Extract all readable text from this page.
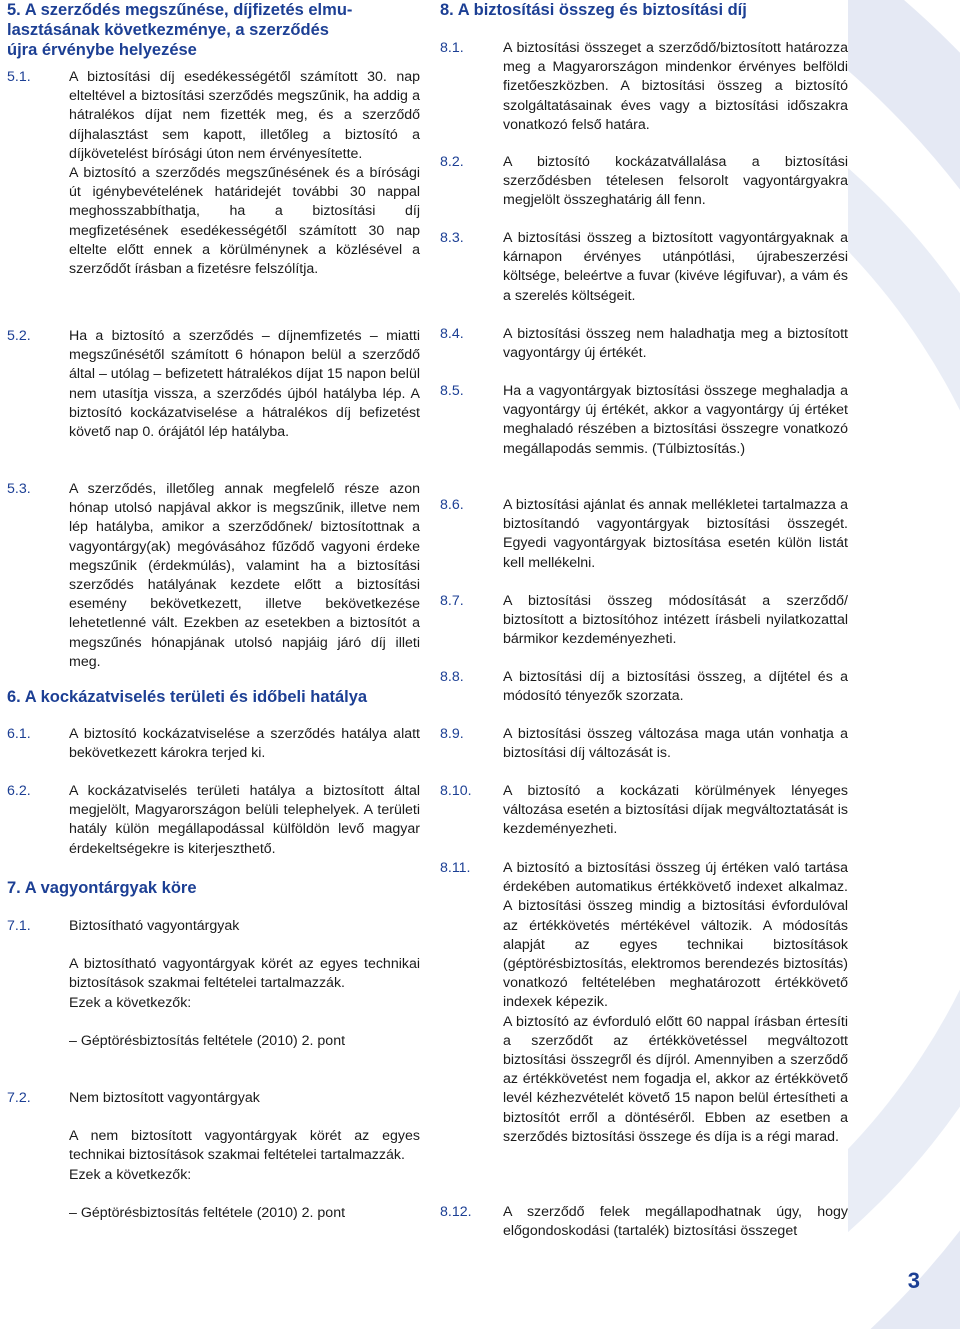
5. A szerződés megszűnése, díjfizetés elmu-
lasztásának következménye, a szerződés
újra érvénybe helyezése
5.1.	A biztosítási díj esedékességétől számított 30. nap elteltével a biztosítási szerződés megszűnik, ha addig a hátralékos díjat nem fizették meg, és a szerződő díjhalasztást sem kapott, illetőleg a biztosító a díjkövetelést bírósági úton nem érvényesítette.

A biztosító a szerződés megszűnésének és a bírósági út igénybevételének határidejét további 30 nappal meghosszabbíthatja, ha a biztosítási díj megfizetésének esedékességétől számított 30 nap eltelte előtt ennek a körülménynek a közlésével a szerződőt írásban a fizetésre felszólítja.

5.2.	Ha a biztosító a szerződés – díjnemfizetés – miatti megszűnésétől számított 6 hónapon belül a szerződő által – utólag – befizetett hátralékos díjat 15 napon belül nem utasítja vissza, a szerződés újból hatályba lép. A biztosító kockázatviselése a hátralékos díj befizetést követő nap 0. órájától lép hatályba.

5.3.	A szerződés, illetőleg annak megfelelő része azon hónap utolsó napjával akkor is megszűnik, illetve nem lép hatályba, amikor a szerződőnek/ biztosítottnak a vagyontárgy(ak) megóvásához fűződő vagyoni érdeke megszűnik (érdekmúlás), valamint ha a biztosítási szerződés hatályának kezdete előtt a biztosítási esemény bekövetkezett, illetve bekövetkezése lehetetlenné vált. Ezekben az esetekben a biztosítót a megszűnés hónapjának utolsó napjáig járó díj illeti meg.

6. A kockázatviselés területi és időbeli hatálya
6.1.	A biztosító kockázatviselése a szerződés hatálya alatt bekövetkezett károkra terjed ki.

6.2.	A kockázatviselés területi hatálya a biztosított által megjelölt, Magyarországon belüli telephelyek. A területi hatály külön megállapodással külföldön levő magyar érdekeltségekre is kiterjeszthető.

7. A vagyontárgyak köre
7.1.	Biztosítható vagyontárgyak

A biztosítható vagyontárgyak körét az egyes technikai biztosítások szakmai feltételei tartalmazzák.

Ezek a következők:

– Géptörésbiztosítás feltétele (2010) 2. pont

7.2.	Nem biztosított vagyontárgyak

A nem biztosított vagyontárgyak körét az egyes technikai biztosítások szakmai feltételei tartalmazzák.

Ezek a következők:

– Géptörésbiztosítás feltétele (2010) 2. pont

8. A biztosítási összeg és biztosítási díj
8.1.	A biztosítási összeget a szerződő/biztosított határozza meg a Magyarországon mindenkor érvényes belföldi fizetőeszközben. A biztosítási összeg a biztosító szolgáltatásainak éves vagy a biztosítási időszakra vonatkozó felső határa.

8.2.	A biztosító kockázatvállalása a biztosítási szerződésben tételesen felsorolt vagyontárgyakra megjelölt összeghatárig áll fenn.

8.3.	A biztosítási összeg a biztosított vagyontárgyaknak a kárnapon érvényes utánpótlási, újrabeszerzési költsége, beleértve a fuvar (kivéve légifuvar), a vám és a szerelés költségeit.

8.4.	A biztosítási összeg nem haladhatja meg a biztosított vagyontárgy új értékét.

8.5.	Ha a vagyontárgyak biztosítási összege meghaladja a vagyontárgy új értékét, akkor a vagyontárgy új értéket meghaladó részében a biztosítási összegre vonatkozó megállapodás semmis. (Túlbiztosítás.)

8.6.	A biztosítási ajánlat és annak mellékletei tartalmazza a biztosítandó vagyontárgyak biztosítási összegét. Egyedi vagyontárgyak biztosítása esetén külön listát kell mellékelni.

8.7.	A biztosítási összeg módosítását a szerződő/ biztosított a biztosítóhoz intézett írásbeli nyilatkozattal bármikor kezdeményezheti.

8.8.	A biztosítási díj a biztosítási összeg, a díjtétel és a módosító tényezők szorzata.

8.9.	A biztosítási összeg változása maga után vonhatja a biztosítási díj változását is.

8.10. A biztosító a kockázati körülmények lényeges változása esetén a biztosítási díjak megváltoztatását is kezdeményezheti.

8.11. A biztosító a biztosítási összeg új értéken való tartása érdekében automatikus értékkövető indexet alkalmaz. A biztosítási összeg mindig a biztosítási évfordulóval az értékkövetés mértékével változik. A módosítás alapját az egyes technikai biztosítások (géptörésbiztosítás, elektromos berendezés biztosítás) vonatkozó feltételében meghatározott értékkövető indexek képezik.

A biztosító az évforduló előtt 60 nappal írásban értesíti a szerződőt az értékkövetéssel megváltozott biztosítási összegről és díjról. Amennyiben a szerződő az értékkövetést nem fogadja el, akkor az értékkövető levél kézhezvételét követő 15 napon belül értesítheti a biztosítót erről a döntéséről. Ebben az esetben a szerződés biztosítási összege és díja is a régi marad.

8.12. A szerződő felek megállapodhatnak úgy, hogy előgondoskodási (tartalék) biztosítási összeget

3
